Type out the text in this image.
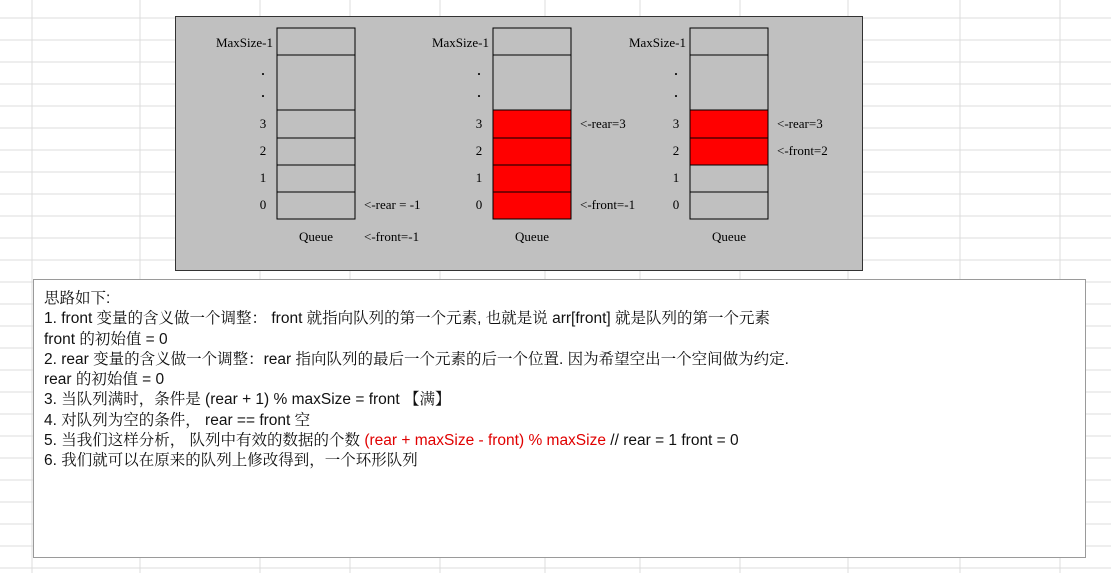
MaxSize-1
.
.
3
2
1
0
Queue
<-rear = -1
<-front=-1
MaxSize-1
.
.
3
2
1
0
Queue
<-rear=3
<-front=-1
MaxSize-1
.
.
3
2
1
0
Queue
<-rear=3
<-front=2
思路如下:
1. front 变量的含义做一个调整： front 就指向队列的第一个元素, 也就是说 arr[front] 就是队列的第一个元素
front 的初始值 = 0
2. rear 变量的含义做一个调整：rear 指向队列的最后一个元素的后一个位置. 因为希望空出一个空间做为约定.
rear 的初始值 = 0
3. 当队列满时，条件是 (rear + 1) % maxSize = front 【满】
4. 对队列为空的条件， rear == front 空
5. 当我们这样分析， 队列中有效的数据的个数 (rear + maxSize - front) % maxSize // rear = 1 front = 0
6. 我们就可以在原来的队列上修改得到，一个环形队列
